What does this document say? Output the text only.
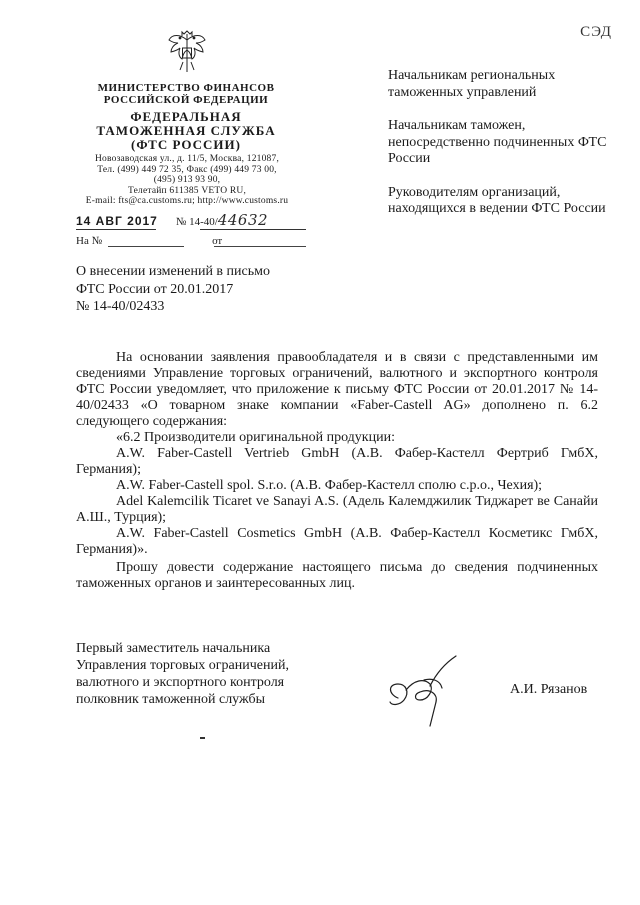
СЭД
МИНИСТЕРСТВО ФИНАНСОВ
РОССИЙСКОЙ ФЕДЕРАЦИИ
ФЕДЕРАЛЬНАЯ
ТАМОЖЕННАЯ СЛУЖБА
(ФТС РОССИИ)
Новозаводская ул., д. 11/5, Москва, 121087,
Тел. (499) 449 72 35, Факс (499) 449 73 00,
(495) 913 93 90,
Телетайп 611385 VETO RU,
E-mail: fts@ca.customs.ru; http://www.customs.ru
14 АВГ 2017 № 14-40/44632
На №	от

Начальникам региональных таможенных управлений

Начальникам таможен, непосредственно подчиненных ФТС России

Руководителям организаций, находящихся в ведении ФТС России

О внесении изменений в письмо
ФТС России от 20.01.2017
№ 14-40/02433

На основании заявления правообладателя и в связи с представленными им сведениями Управление торговых ограничений, валютного и экспортного контроля ФТС России уведомляет, что приложение к письму ФТС России от 20.01.2017 № 14-40/02433 «О товарном знаке компании «Faber-Castell AG» дополнено п. 6.2 следующего содержания:

«6.2 Производители оригинальной продукции:

A.W. Faber-Castell Vertrieb GmbH (А.В. Фабер-Кастелл Фертриб ГмбХ, Германия);

A.W. Faber-Castell spol. S.r.o. (А.В. Фабер-Кастелл сполю с.р.о., Чехия);

Adel Kalemcilik Ticaret ve Sanayi A.S. (Адель Калемджилик Тиджарет ве Санайи А.Ш., Турция);

A.W. Faber-Castell Cosmetics GmbH (А.В. Фабер-Кастелл Косметикс ГмбХ, Германия)».

Прошу довести содержание настоящего письма до сведения подчиненных таможенных органов и заинтересованных лиц.

Первый заместитель начальника
Управления торговых ограничений,
валютного и экспортного контроля
полковник таможенной службы
А.И. Рязанов
